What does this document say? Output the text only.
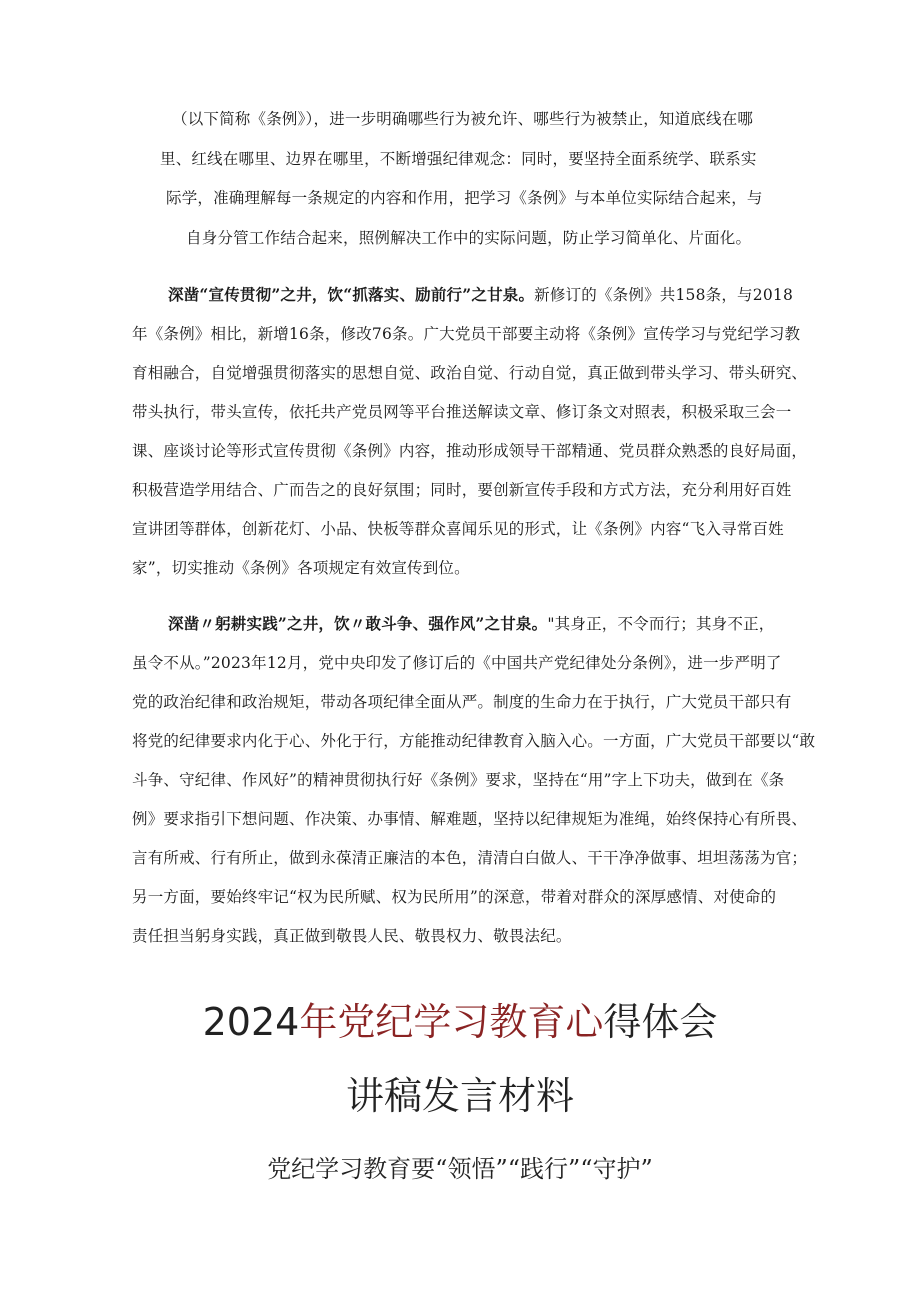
（以下简称《条例》），进一步明确哪些行为被允许、哪些行为被禁止，知道底线在哪
里、红线在哪里、边界在哪里，不断增强纪律观念：同时，要坚持全面系统学、联系实
际学，准确理解每一条规定的内容和作用，把学习《条例》与本单位实际结合起来，与
自身分管工作结合起来，照例解决工作中的实际问题，防止学习简单化、片面化。
深凿“宣传贯彻”之井，饮“抓落实、励前行”之甘泉。新修订的《条例》共158条，与2018
年《条例》相比，新增16条，修改76条。广大党员干部要主动将《条例》宣传学习与党纪学习教
育相融合，自觉增强贯彻落实的思想自觉、政治自觉、行动自觉，真正做到带头学习、带头研究、
带头执行，带头宣传，依托共产党员网等平台推送解读文章、修订条文对照表，积极采取三会一
课、座谈讨论等形式宣传贯彻《条例》内容，推动形成领导干部精通、党员群众熟悉的良好局面，
积极营造学用结合、广而告之的良好氛围；同时，要创新宣传手段和方式方法，充分利用好百姓
宣讲团等群体，创新花灯、小品、快板等群众喜闻乐见的形式，让《条例》内容“飞入寻常百姓
家”，切实推动《条例》各项规定有效宣传到位。
深凿〃躬耕实践”之井，饮〃敢斗争、强作风”之甘泉。"其身正，不令而行；其身不正，
虽令不从。”2023年12月，党中央印发了修订后的《中国共产党纪律处分条例》，进一步严明了
党的政治纪律和政治规矩，带动各项纪律全面从严。制度的生命力在于执行，广大党员干部只有
将党的纪律要求内化于心、外化于行，方能推动纪律教育入脑入心。一方面，广大党员干部要以“敢
斗争、守纪律、作风好”的精神贯彻执行好《条例》要求，坚持在“用”字上下功夫，做到在《条
例》要求指引下想问题、作决策、办事情、解难题，坚持以纪律规矩为准绳，始终保持心有所畏、
言有所戒、行有所止，做到永葆清正廉洁的本色，清清白白做人、干干净净做事、坦坦荡荡为官；
另一方面，要始终牢记“权为民所赋、权为民所用”的深意，带着对群众的深厚感情、对使命的
责任担当躬身实践，真正做到敬畏人民、敬畏权力、敬畏法纪。
2024年党纪学习教育心得体会
讲稿发言材料
党纪学习教育要“领悟”“践行”“守护”
